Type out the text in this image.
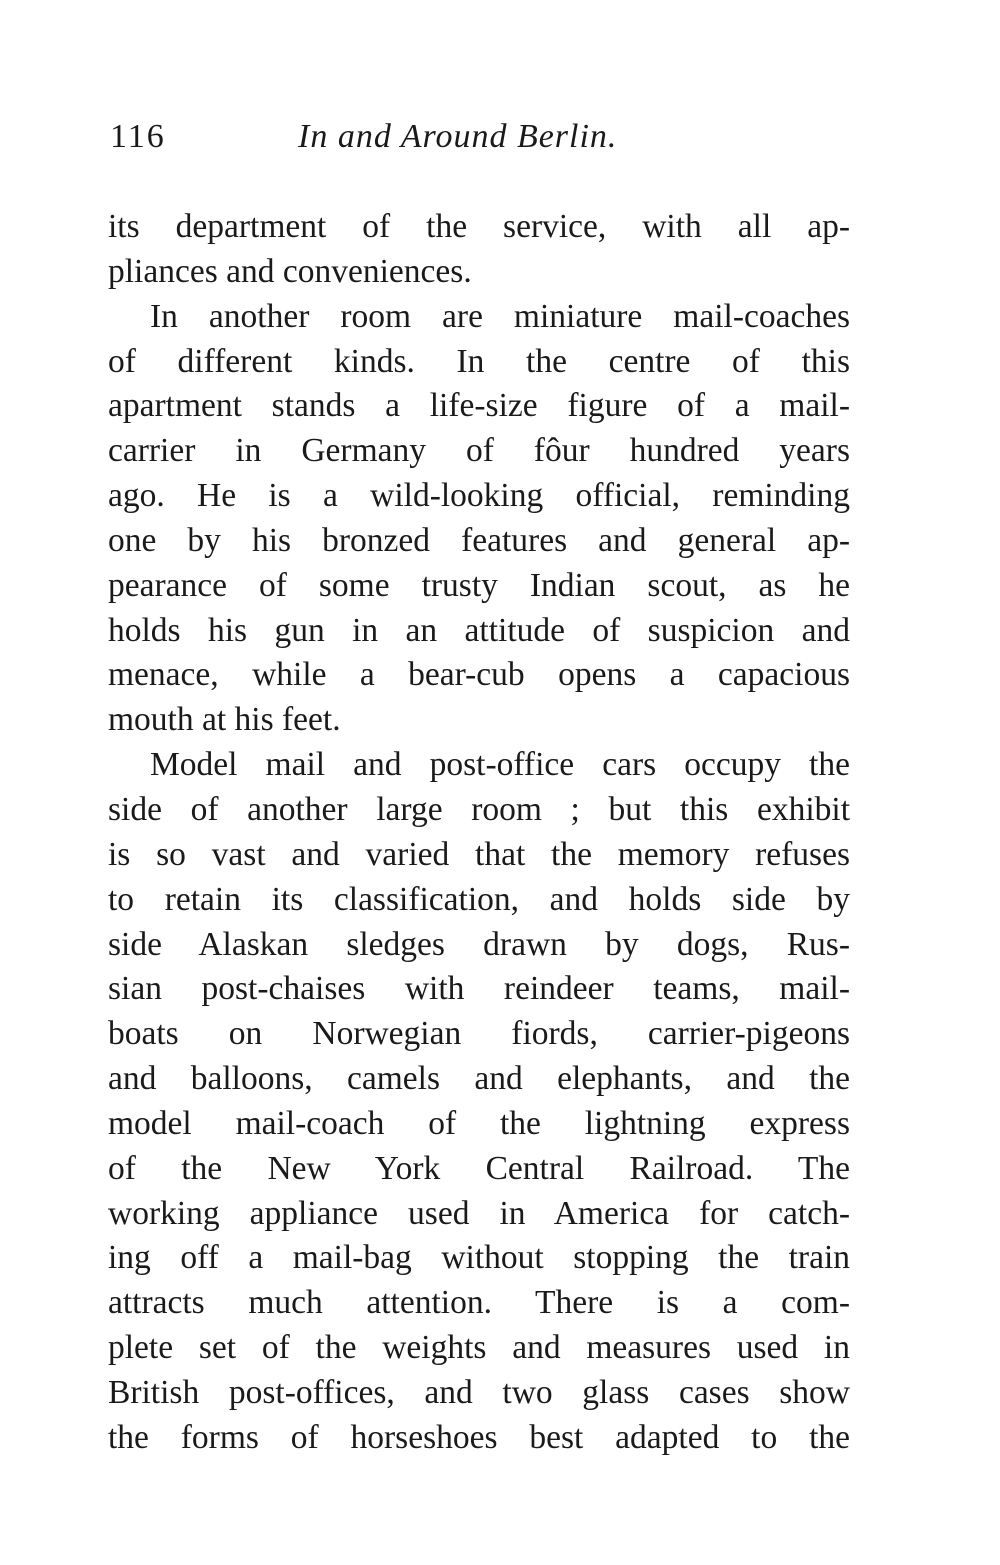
116	In and Around Berlin.
its department of the service, with all ap-
pliances and conveniences.
In another room are miniature mail-coaches
of different kinds. In the centre of this
apartment stands a life-size figure of a mail-
carrier in Germany of fôur hundred years
ago. He is a wild-looking official, reminding
one by his bronzed features and general ap-
pearance of some trusty Indian scout, as he
holds his gun in an attitude of suspicion and
menace, while a bear-cub opens a capacious
mouth at his feet.
Model mail and post-office cars occupy the
side of another large room ; but this exhibit
is so vast and varied that the memory refuses
to retain its classification, and holds side by
side Alaskan sledges drawn by dogs, Rus-
sian post-chaises with reindeer teams, mail-
boats on Norwegian fiords, carrier-pigeons
and balloons, camels and elephants, and the
model mail-coach of the lightning express
of the New York Central Railroad. The
working appliance used in America for catch-
ing off a mail-bag without stopping the train
attracts much attention. There is a com-
plete set of the weights and measures used in
British post-offices, and two glass cases show
the forms of horseshoes best adapted to the
